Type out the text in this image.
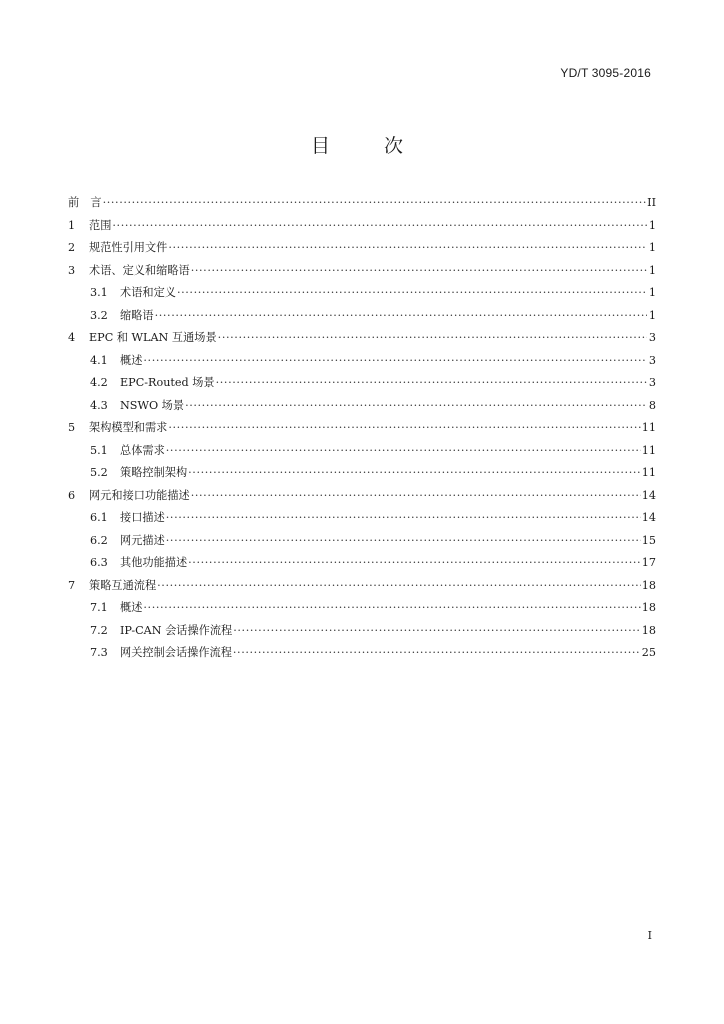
YD/T 3095-2016
目 次
前　言 ·····	II
1	范围 ·····	1
2	规范性引用文件 ·····	1
3	术语、定义和缩略语 ·····	1
3.1	术语和定义 ·····	1
3.2	缩略语 ·····	1
4	EPC 和 WLAN 互通场景 ·····	3
4.1	概述 ·····	3
4.2	EPC-Routed 场景 ·····	3
4.3	NSWO 场景 ·····	8
5	架构模型和需求 ·····	11
5.1	总体需求 ·····	11
5.2	策略控制架构 ·····	11
6	网元和接口功能描述 ·····	14
6.1	接口描述 ·····	14
6.2	网元描述 ·····	15
6.3	其他功能描述 ·····	17
7	策略互通流程 ·····	18
7.1	概述 ·····	18
7.2	IP-CAN 会话操作流程 ·····	18
7.3	网关控制会话操作流程 ·····	25
I
